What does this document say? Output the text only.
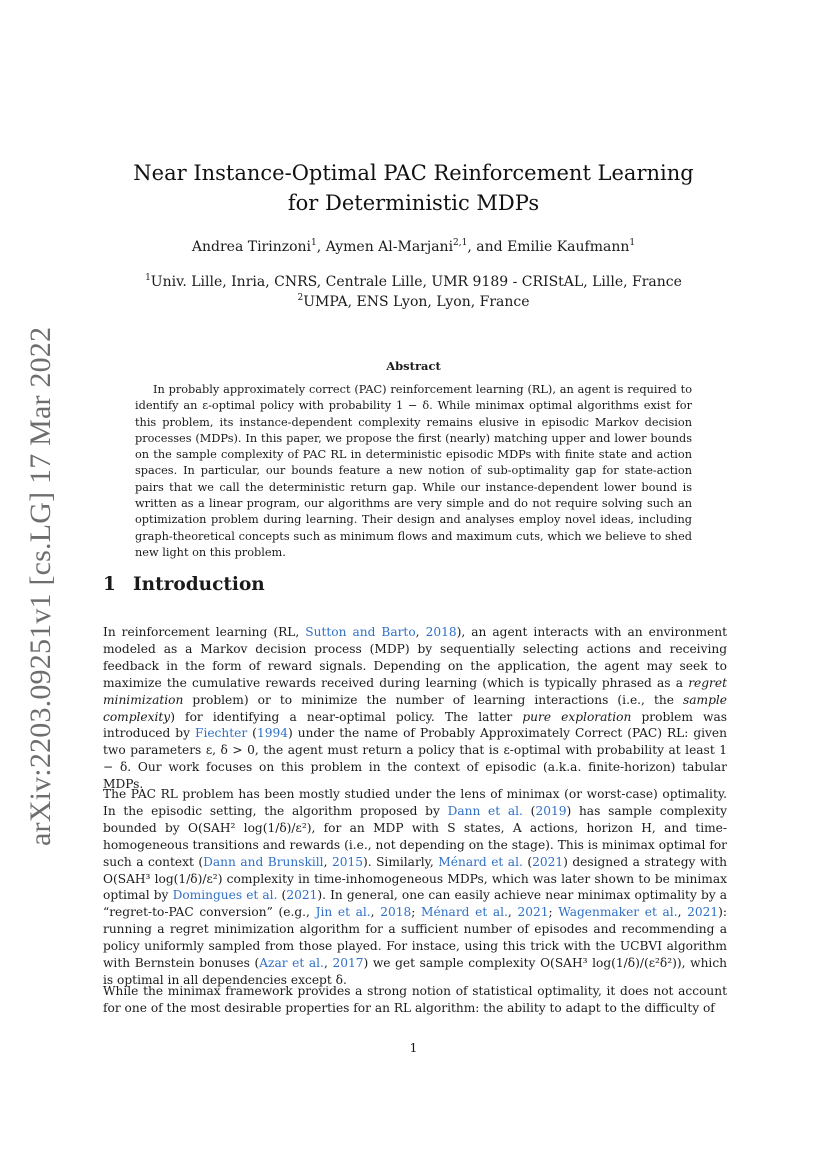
arXiv:2203.09251v1 [cs.LG] 17 Mar 2022
Near Instance-Optimal PAC Reinforcement Learning
for Deterministic MDPs
Andrea Tirinzoni$^1$, Aymen Al-Marjani$^{2,1}$, and Emilie Kaufmann$^1$
$^1$Univ. Lille, Inria, CNRS, Centrale Lille, UMR 9189 - CRIStAL, Lille, France
$^2$UMPA, ENS Lyon, Lyon, France
Abstract

In probably approximately correct (PAC) reinforcement learning (RL), an agent is required to identify an ε-optimal policy with probability 1 − δ. While minimax optimal algorithms exist for this problem, its instance-dependent complexity remains elusive in episodic Markov decision processes (MDPs). In this paper, we propose the first (nearly) matching upper and lower bounds on the sample complexity of PAC RL in deterministic episodic MDPs with finite state and action spaces. In particular, our bounds feature a new notion of sub-optimality gap for state-action pairs that we call the deterministic return gap. While our instance-dependent lower bound is written as a linear program, our algorithms are very simple and do not require solving such an optimization problem during learning. Their design and analyses employ novel ideas, including graph-theoretical concepts such as minimum flows and maximum cuts, which we believe to shed new light on this problem.

1 Introduction

In reinforcement learning (RL, Sutton and Barto, 2018), an agent interacts with an environment modeled as a Markov decision process (MDP) by sequentially selecting actions and receiving feedback in the form of reward signals. Depending on the application, the agent may seek to maximize the cumulative rewards received during learning (which is typically phrased as a regret minimization problem) or to minimize the number of learning interactions (i.e., the sample complexity) for identifying a near-optimal policy. The latter pure exploration problem was introduced by Fiechter (1994) under the name of Probably Approximately Correct (PAC) RL: given two parameters ε, δ > 0, the agent must return a policy that is ε-optimal with probability at least 1 − δ. Our work focuses on this problem in the context of episodic (a.k.a. finite-horizon) tabular MDPs.

The PAC RL problem has been mostly studied under the lens of minimax (or worst-case) optimality. In the episodic setting, the algorithm proposed by Dann et al. (2019) has sample complexity bounded by O(SAH² log(1/δ)/ε²), for an MDP with S states, A actions, horizon H, and time-homogeneous transitions and rewards (i.e., not depending on the stage). This is minimax optimal for such a context (Dann and Brunskill, 2015). Similarly, Ménard et al. (2021) designed a strategy with O(SAH³ log(1/δ)/ε²) complexity in time-inhomogeneous MDPs, which was later shown to be minimax optimal by Domingues et al. (2021). In general, one can easily achieve near minimax optimality by a “regret-to-PAC conversion” (e.g., Jin et al., 2018; Ménard et al., 2021; Wagenmaker et al., 2021): running a regret minimization algorithm for a sufficient number of episodes and recommending a policy uniformly sampled from those played. For instace, using this trick with the UCBVI algorithm with Bernstein bonuses (Azar et al., 2017) we get sample complexity O(SAH³ log(1/δ)/(ε²δ²)), which is optimal in all dependencies except δ.

While the minimax framework provides a strong notion of statistical optimality, it does not account for one of the most desirable properties for an RL algorithm: the ability to adapt to the difficulty of

1
